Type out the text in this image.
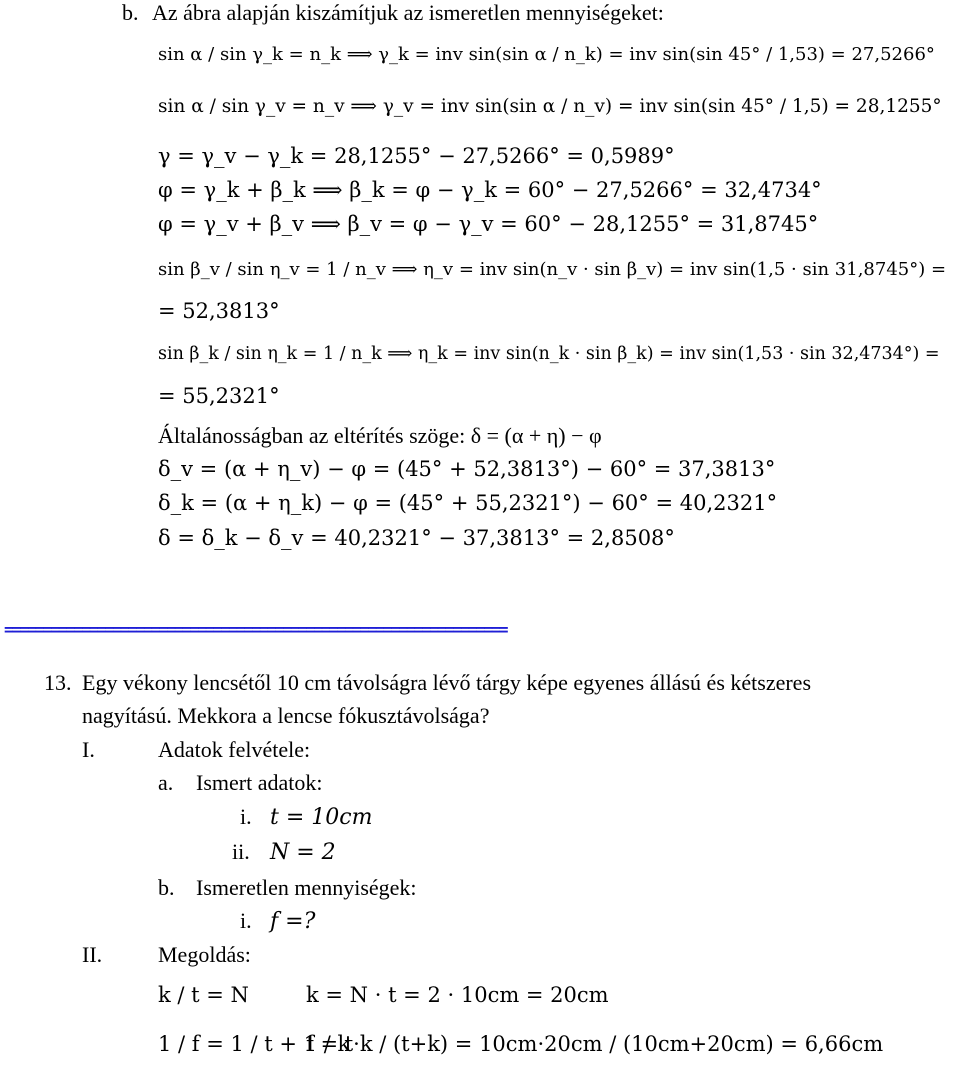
b. Az ábra alapján kiszámítjuk az ismeretlen mennyiségeket:
sin α / sin γ_k = n_k ⟹ γ_k = inv sin(sin α / n_k) = inv sin(sin 45° / 1,53) = 27,5266°
sin α / sin γ_v = n_v ⟹ γ_v = inv sin(sin α / n_v) = inv sin(sin 45° / 1,5) = 28,1255°
γ = γ_v − γ_k = 28,1255° − 27,5266° = 0,5989°
φ = γ_k + β_k ⟹ β_k = φ − γ_k = 60° − 27,5266° = 32,4734°
φ = γ_v + β_v ⟹ β_v = φ − γ_v = 60° − 28,1255° = 31,8745°
sin β_v / sin η_v = 1 / n_v ⟹ η_v = inv sin(n_v · sin β_v) = inv sin(1,5 · sin 31,8745°) =
= 52,3813°
sin β_k / sin η_k = 1 / n_k ⟹ η_k = inv sin(n_k · sin β_k) = inv sin(1,53 · sin 32,4734°) =
= 55,2321°
Általánosságban az eltérítés szöge: δ = (α + η) − φ
δ_v = (α + η_v) − φ = (45° + 52,3813°) − 60° = 37,3813°
δ_k = (α + η_k) − φ = (45° + 55,2321°) − 60° = 40,2321°
δ = δ_k − δ_v = 40,2321° − 37,3813° = 2,8508°
=================================================================
13. Egy vékony lencsétől 10 cm távolságra lévő tárgy képe egyenes állású és kétszeres
nagyítású. Mekkora a lencse fókusztávolsága?
I.	Adatok felvétele:
a. Ismert adatok:
i. t = 10cm
ii. N = 2
b. Ismeretlen mennyiségek:
i. f =?
II.	Megoldás:
k / t = N	k = N · t = 2 · 10cm = 20cm
1 / f = 1 / t + 1 / k
f = t·k / (t+k) = 10cm·20cm / (10cm+20cm) = 6,66cm
